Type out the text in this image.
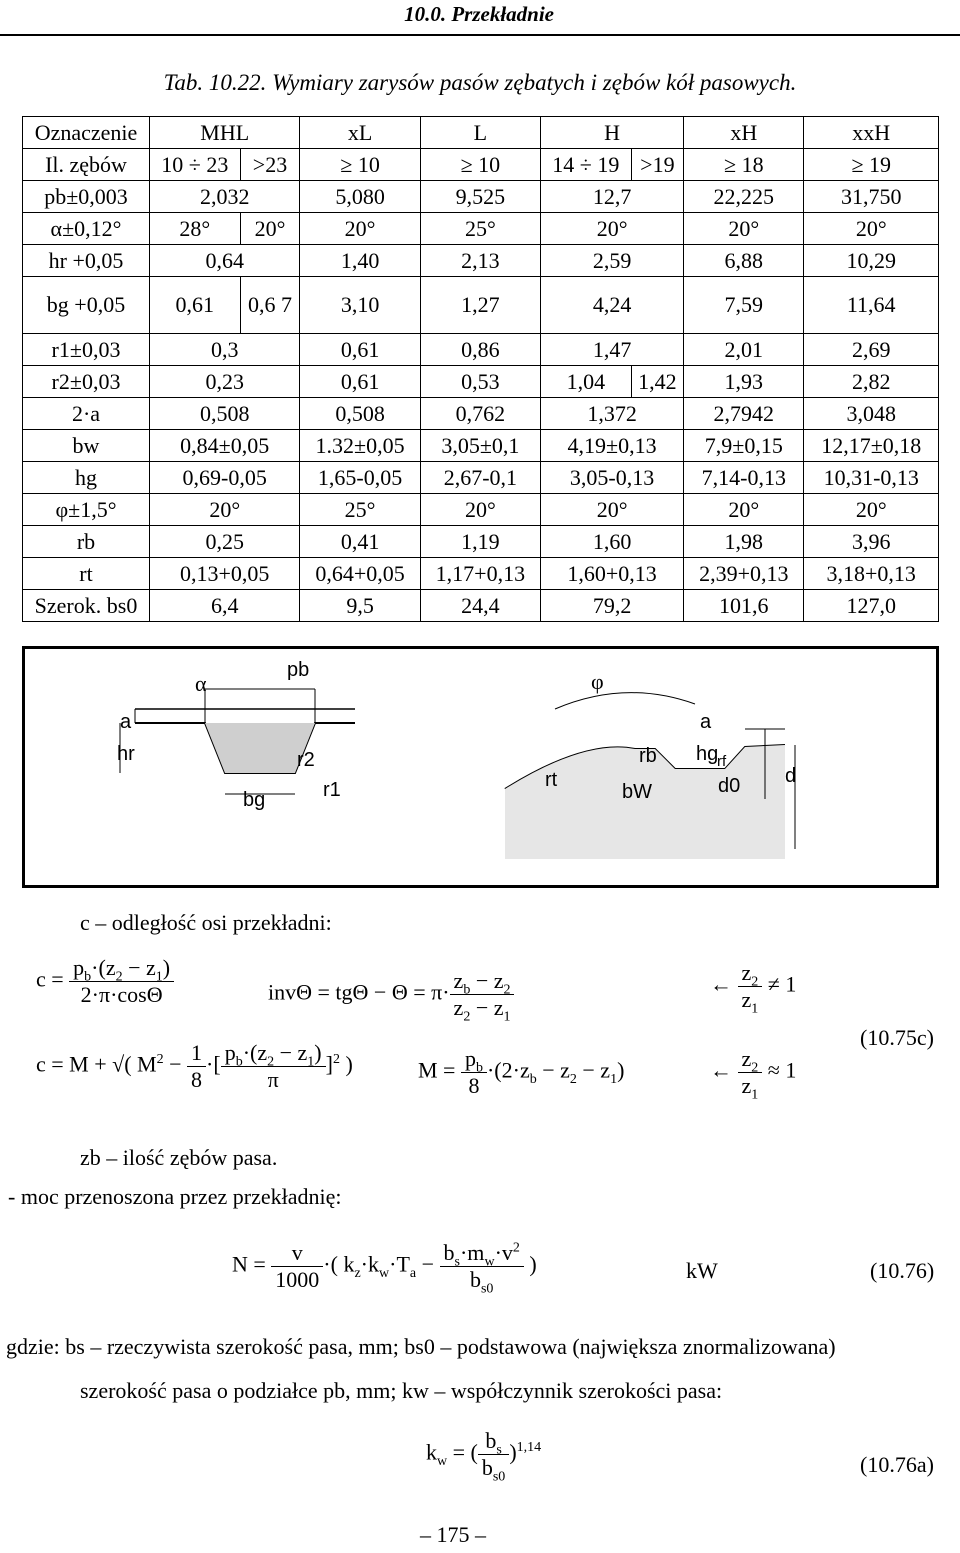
10.0. Przekładnie
Tab. 10.22. Wymiary zarysów pasów zębatych i zębów kół pasowych.
Oznaczenie	MHL		xL	L	H		xH	xxH
Il. zębów	10 ÷ 23	>23	≥ 10	≥ 10	14 ÷ 19	>19	≥ 18	≥ 19
pb±0,003	2,032		5,080	9,525	12,7		22,225	31,750
α±0,12°	28°	20°	20°	25°	20°		20°	20°
hr +0,05	0,64		1,40	2,13	2,59		6,88	10,29
bg +0,05	0,61	0,6 7	3,10	1,27	4,24		7,59	11,64
r1±0,03	0,3		0,61	0,86	1,47		2,01	2,69
r2±0,03	0,23		0,61	0,53	1,04	1,42	1,93	2,82
2·a	0,508		0,508	0,762	1,372		2,7942	3,048
bw	0,84±0,05		1.32±0,05	3,05±0,1	4,19±0,13		7,9±0,15	12,17±0,18
hg	0,69-0,05		1,65-0,05	2,67-0,1	3,05-0,13		7,14-0,13	10,31-0,13
φ±1,5°	20°		25°	20°	20°		20°	20°
rb	0,25		0,41	1,19	1,60		1,98	3,96
rt	0,13+0,05		0,64+0,05	1,17+0,13	1,60+0,13		2,39+0,13	3,18+0,13
Szerok. bs0	6,4		9,5	24,4	79,2		101,6	127,0
α
pb	φ
a
hr	r2
r1
bg
rt
rb
bW
hg
rf
d0 d
a
c – odległość osi przekładni:
$c = \frac{p_b\cdot(z_2 - z_1)}{2\cdot\pi\cdot\cos\Theta}$	$inv\Theta = tg\Theta - \Theta = \pi\cdot \frac{z_b - z_2}{z_2 - z_1}$	← $\frac{z_2}{z_1} \ne 1$
c = M + √( $M^2 - \frac{1}{8}$ ·[ $\frac{p_b\cdot(z_2 - z_1)}{\pi} ]^2$ )	$M = \frac{p_b}{8} \cdot(2\cdot z_b - z_2 - z_1)$	← $\frac{z_2}{z_1} \approx 1$
(10.75c)
zb – ilość zębów pasa.
- moc przenoszona przez przekładnię:
$N = \frac{v}{1000}$ ·( $k_z\cdot k_w\cdot T_a - \frac{b_s\cdot m_w\cdot v^2}{b_{s0}}$ )	kW	(10.76)
gdzie: bs – rzeczywista szerokość pasa, mm; bs0 – podstawowa (największa znormalizowana)
szerokość pasa o podziałce pb, mm; kw – współczynnik szerokości pasa:
$k_w$ = ( $\frac{b_s}{b_{s0}} )^{1,14}$
(10.76a)
– 175 –
